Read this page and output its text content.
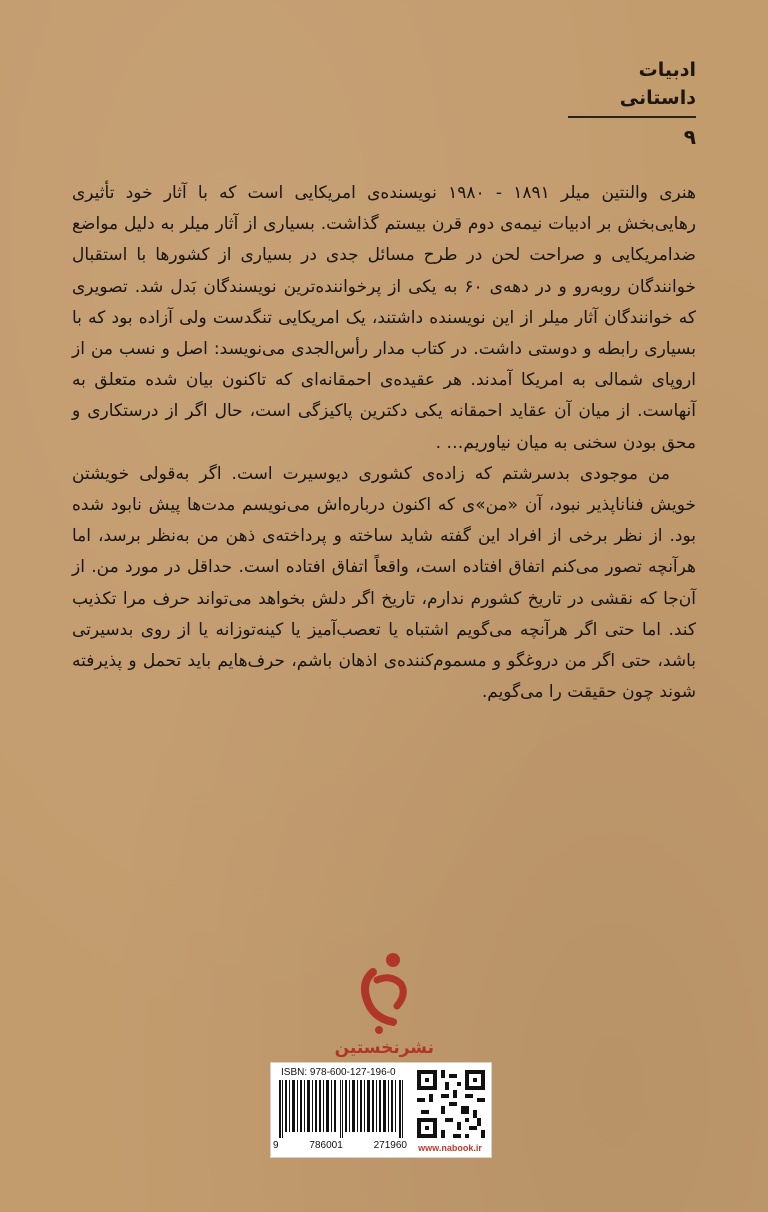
ادبیات داستانی
۹

هنری والنتین میلر ۱۸۹۱ - ۱۹۸۰ نویسنده‌ی امریکایی است که با آثار خود تأثیری رهایی‌بخش بر ادبیات نیمه‌ی دوم قرن بیستم گذاشت. بسیاری از آثار میلر به دلیل مواضع ضدامریکایی و صراحت لحن در طرح مسائل جدی در بسیاری از کشورها با استقبال خوانندگان روبه‌رو و در دهه‌ی ۶۰ به یکی از پرخواننده‌ترین نویسندگان بَدل شد. تصویری که خوانندگان آثار میلر از این نویسنده داشتند، یک امریکایی تنگدست ولی آزاده بود که با بسیاری رابطه و دوستی داشت. در کتاب مدار رأس‌الجدی می‌نویسد: اصل و نسب من از اروپای شمالی به امریکا آمدند. هر عقیده‌ی احمقانه‌ای که تاکنون بیان شده متعلق به آنهاست. از میان آن عقاید احمقانه یکی دکترین پاکیزگی است، حال اگر از درستکاری و محق بودن سخنی به میان نیاوریم… .

من موجودی بدسرشتم که زاده‌ی کشوری دیوسیرت است. اگر به‌قولی خویشتن خویش فناناپذیر نبود، آن «من»ی که اکنون درباره‌اش می‌نویسم مدت‌ها پیش نابود شده بود. از نظر برخی از افراد این گفته شاید ساخته و پرداخته‌ی ذهن من به‌نظر برسد، اما هرآنچه تصور می‌کنم اتفاق افتاده است، واقعاً اتفاق افتاده است. حداقل در مورد من. از آن‌جا که نقشی در تاریخ کشورم ندارم، تاریخ اگر دلش بخواهد می‌تواند حرف مرا تکذیب کند. اما حتی اگر هرآنچه می‌گویم اشتباه یا تعصب‌آمیز یا کینه‌توزانه یا از روی بدسیرتی باشد، حتی اگر من دروغگو و مسموم‌کننده‌ی اذهان باشم، حرف‌هایم باید تحمل و پذیرفته شوند چون حقیقت را می‌گویم.

نشرنخستین
ISBN: 978-600-127-196-0
9	786001	271960	www.nabook.ir
